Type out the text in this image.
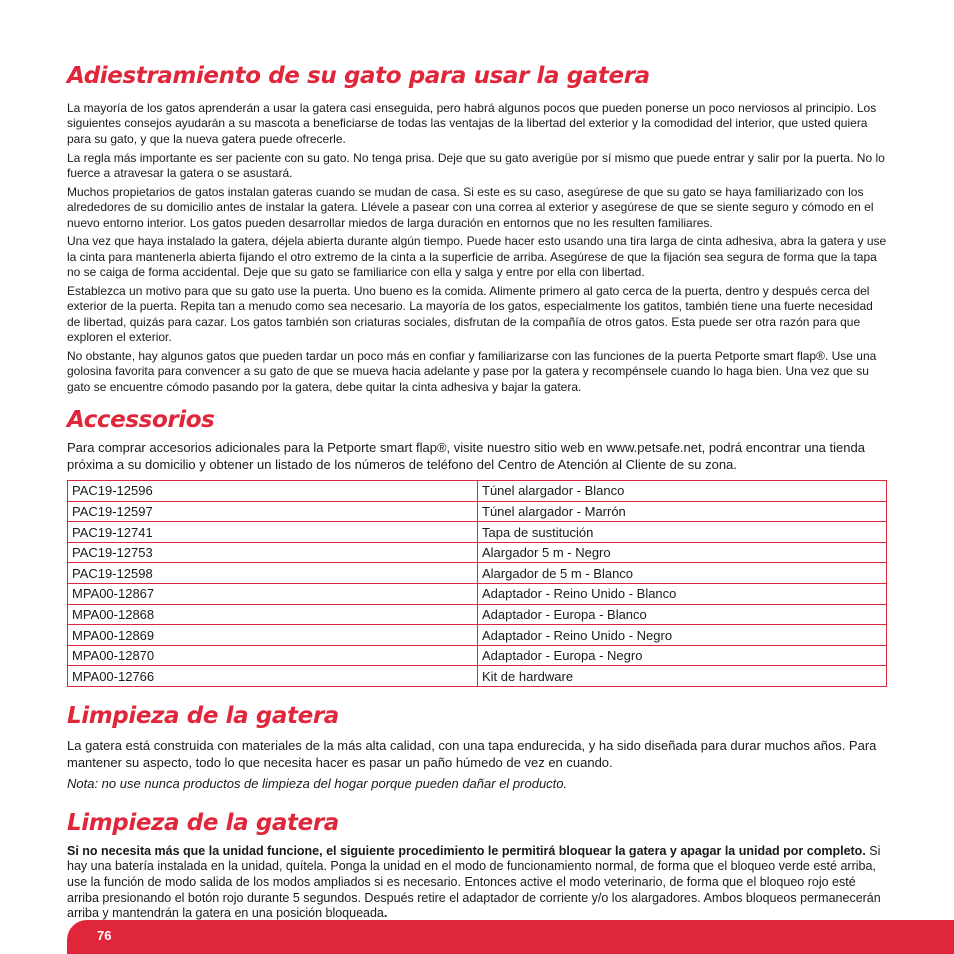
Adiestramiento de su gato para usar la gatera

La mayoría de los gatos aprenderán a usar la gatera casi enseguida, pero habrá algunos pocos que pueden ponerse un poco nerviosos al principio. Los siguientes consejos ayudarán a su mascota a beneficiarse de todas las ventajas de la libertad del exterior y la comodidad del interior, que usted quiera para su gato, y que la nueva gatera puede ofrecerle.

La regla más importante es ser paciente con su gato. No tenga prisa. Deje que su gato averigüe por sí mismo que puede entrar y salir por la puerta. No lo fuerce a atravesar la gatera o se asustará.

Muchos propietarios de gatos instalan gateras cuando se mudan de casa. Si este es su caso, asegúrese de que su gato se haya familiarizado con los alrededores de su domicilio antes de instalar la gatera. Llévele a pasear con una correa al exterior y asegúrese de que se siente seguro y cómodo en el nuevo entorno interior. Los gatos pueden desarrollar miedos de larga duración en entornos que no les resulten familiares.

Una vez que haya instalado la gatera, déjela abierta durante algún tiempo. Puede hacer esto usando una tira larga de cinta adhesiva, abra la gatera y use la cinta para mantenerla abierta fijando el otro extremo de la cinta a la superficie de arriba. Asegúrese de que la fijación sea segura de forma que la tapa no se caiga de forma accidental. Deje que su gato se familiarice con ella y salga y entre por ella con libertad.

Establezca un motivo para que su gato use la puerta. Uno bueno es la comida. Alimente primero al gato cerca de la puerta, dentro y después cerca del exterior de la puerta. Repita tan a menudo como sea necesario. La mayoría de los gatos, especialmente los gatitos, también tiene una fuerte necesidad de libertad, quizás para cazar. Los gatos también son criaturas sociales, disfrutan de la compañía de otros gatos. Esta puede ser otra razón para que exploren el exterior.

No obstante, hay algunos gatos que pueden tardar un poco más en confiar y familiarizarse con las funciones de la puerta Petporte smart flap®. Use una golosina favorita para convencer a su gato de que se mueva hacia adelante y pase por la gatera y recompénsele cuando lo haga bien. Una vez que su gato se encuentre cómodo pasando por la gatera, debe quitar la cinta adhesiva y bajar la gatera.

Accessorios

Para comprar accesorios adicionales para la Petporte smart flap®, visite nuestro sitio web en www.petsafe.net, podrá encontrar una tienda próxima a su domicilio y obtener un listado de los números de teléfono del Centro de Atención al Cliente de su zona.

PAC19-12596	Túnel alargador - Blanco
PAC19-12597	Túnel alargador - Marrón
PAC19-12741	Tapa de sustitución
PAC19-12753	Alargador 5 m - Negro
PAC19-12598	Alargador de 5 m - Blanco
MPA00-12867	Adaptador - Reino Unido - Blanco
MPA00-12868	Adaptador - Europa - Blanco
MPA00-12869	Adaptador - Reino Unido - Negro
MPA00-12870	Adaptador - Europa - Negro
MPA00-12766	Kit de hardware
Limpieza de la gatera

La gatera está construida con materiales de la más alta calidad, con una tapa endurecida, y ha sido diseñada para durar muchos años. Para mantener su aspecto, todo lo que necesita hacer es pasar un paño húmedo de vez en cuando.

Nota: no use nunca productos de limpieza del hogar porque pueden dañar el producto.

Limpieza de la gatera

Si no necesita más que la unidad funcione, el siguiente procedimiento le permitirá bloquear la gatera y apagar la unidad por completo. Si hay una batería instalada en la unidad, quítela. Ponga la unidad en el modo de funcionamiento normal, de forma que el bloqueo verde esté arriba, use la función de modo salida de los modos ampliados si es necesario. Entonces active el modo veterinario, de forma que el bloqueo rojo esté arriba presionando el botón rojo durante 5 segundos. Después retire el adaptador de corriente y/o los alargadores. Ambos bloqueos permanecerán arriba y mantendrán la gatera en una posición bloqueada.

76
